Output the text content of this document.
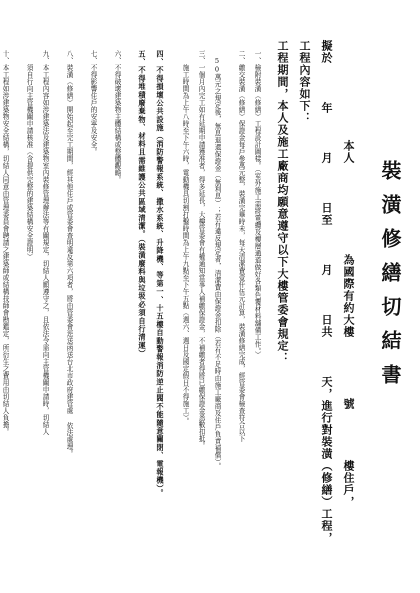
裝潢修繕切結書
本人為國際有約大樓號樓住戶，
擬於年月日至月日共天，進行對裝潢（修繕）工程，
工程內容如下：
工程期間，本人及施工廠商均願意遵守以下大樓管委會規定：
一、檢附裝潢（修繕）工程設計圖樣。（室外施工需將電纜及樓層通道做好各類色覆材料舖備工作。）
二、繳交裝潢（修繕）保證金每戶參萬元整，裝潢完畢時未，每天清潔費壹仟伍元計算，裝潢修繕完成，經管委會檢查符合以下
　50萬元之規定後，無息退還保證金（無利息）；若有違反規定者，清潔費由保證金扣除（若有不足時由施工廠商及住戶負責補償）。
三、一個月內完工如有延期申請獲准者，得多延長，大樓管委會有權通知當事人補繳保證金，不補繳者得將已繳保證金悉數扣抵。
　　施工時間為上午八時至下午六時，電動機具切割打鑿時間為上午九點至下午五點（週六、週日及國定假日不得施工）。
四、不得損壞公共設施（消防警報系統、撒水系統、升降機、等第一、十五樓自動警報消防逆止閥不能隨意關閉、電報機）。
五、不得堆積廢棄物、材料且需維護公共區域清潔。（裝潢廢料與垃圾必須自行清運）
六、不得破壞建築物主體結構或整體觀瞻。
七、不得影響住戶的安寧及安全。
八、裝潢（修繕）開始起至完工期間，經其他住戶或管委會查明違反第六項者，將由管委會逕送函送台北市政府建管處 依法處理。
九、本工程內容如涉建築法及建築物室內裝修管理辦法等有關規定，切結人願遵守之，且依法令需向主管機關申請時，切結人
　　須自行向主管機關申請核准（含提供完整的建築結構安全證明）
十、本工程如涉建築物安全結構，切結人同意由管理委員會聘請之建築師或結構技師會勘鑑定，所衍生之費用由切結人負擔。
